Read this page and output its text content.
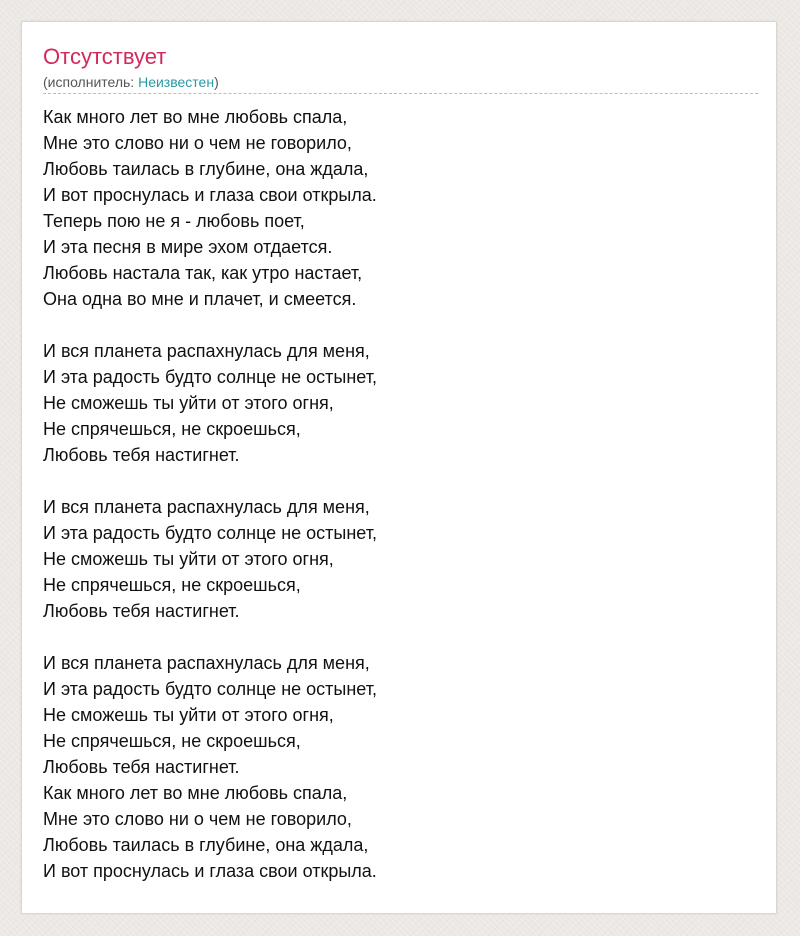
Отсутствует
(исполнитель: Неизвестен)
Как много лет во мне любовь спала,
Мне это слово ни о чем не говорило,
Любовь таилась в глубине, она ждала,
И вот проснулась и глаза свои открыла.
Теперь пою не я - любовь поет,
И эта песня в мире эхом отдается.
Любовь настала так, как утро настает,
Она одна во мне и плачет, и смеется.
И вся планета распахнулась для меня,
И эта радость будто солнце не остынет,
Не сможешь ты уйти от этого огня,
Не спрячешься, не скроешься,
Любовь тебя настигнет.
И вся планета распахнулась для меня,
И эта радость будто солнце не остынет,
Не сможешь ты уйти от этого огня,
Не спрячешься, не скроешься,
Любовь тебя настигнет.
И вся планета распахнулась для меня,
И эта радость будто солнце не остынет,
Не сможешь ты уйти от этого огня,
Не спрячешься, не скроешься,
Любовь тебя настигнет.
Как много лет во мне любовь спала,
Мне это слово ни о чем не говорило,
Любовь таилась в глубине, она ждала,
И вот проснулась и глаза свои открыла.
